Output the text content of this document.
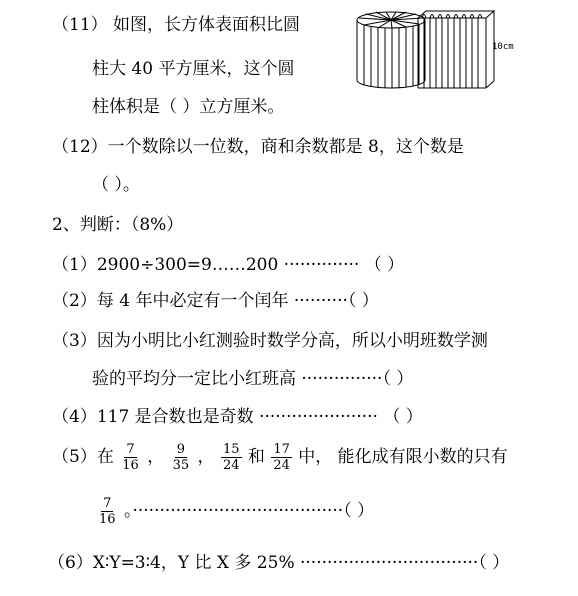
（11） 如图，长方体表面积比圆
柱大 40 平方厘米，这个圆
柱体积是（ ）立方厘米。
10cm
（12）一个数除以一位数，商和余数都是 8，这个数是
（ ）。
2、判断：（8%）
（1）2900÷300=9……200 ·············· （ ）
（2）每 4 年中必定有一个闰年 ··········（ ）
（3）因为小明比小红测验时数学分高，所以小明班数学测
验的平均分一定比小红班高 ···············（ ）
（4）117 是合数也是奇数 ······················ （ ）
（5）在 $\frac{7}{16}$ ， $\frac{9}{35}$ ， $\frac{15}{24}$ 和 $\frac{17}{24}$ 中， 能化成有限小数的只有
$\frac{7}{16}$ 。·······································（ ）
（6）X∶Y=3∶4，Y 比 X 多 25% ·································（ ）
